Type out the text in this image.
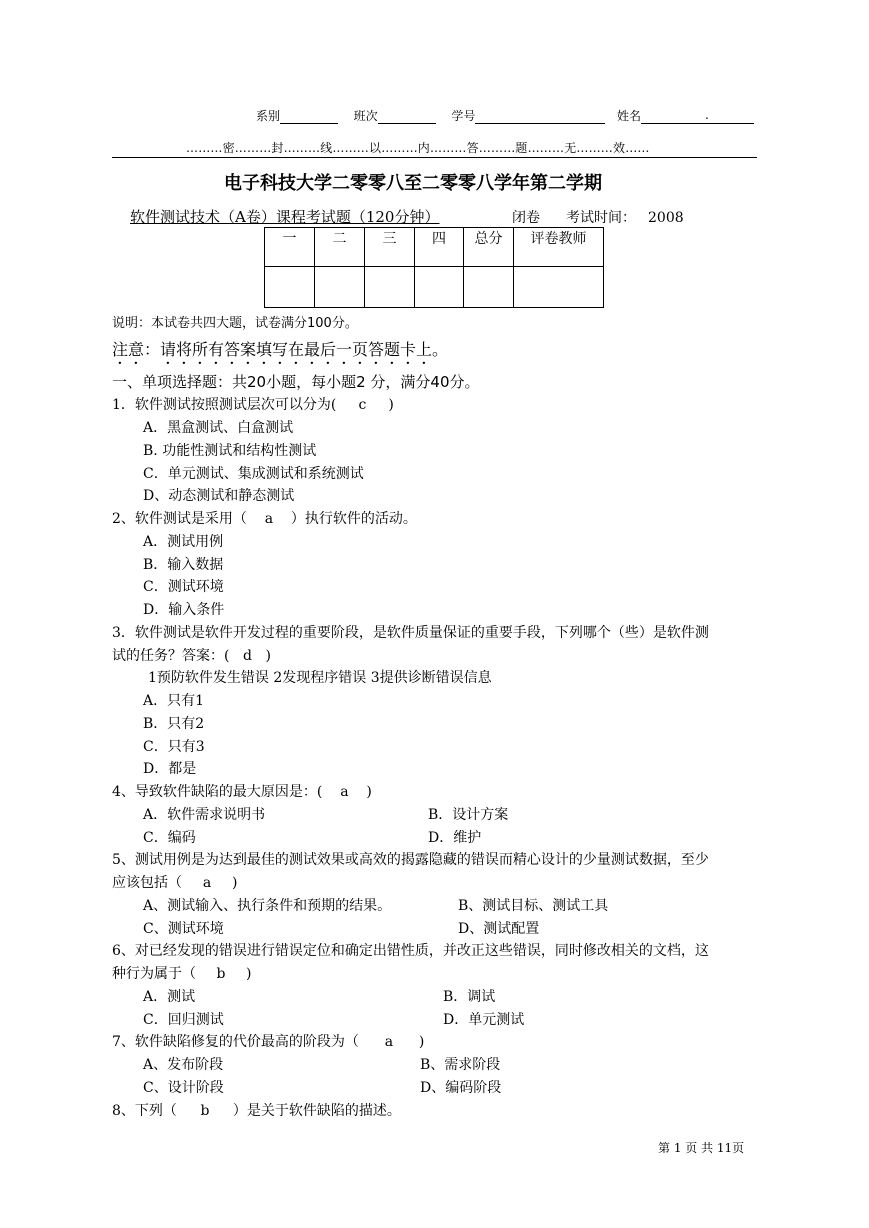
系别	班次	学号	姓名	.
………密………封………线………以………内………答………题………无………效……
电子科技大学二零零八至二零零八学年第二学期
软件测试技术（A卷）课程考试题（120分钟）	闭卷 考试时间： 2008
一	二	三	四	总分	评卷教师

说明：本试卷共四大题，试卷满分100分。
注意：请将所有答案填写在最后一页答题卡上。
一、单项选择题：共20小题，每小题2 分，满分40分。
1．软件测试按照测试层次可以分为( c )
A．黑盒测试、白盒测试
B. 功能性测试和结构性测试
C．单元测试、集成测试和系统测试
D、动态测试和静态测试
2、软件测试是采用（ a ）执行软件的活动。
A．测试用例
B．输入数据
C．测试环境
D．输入条件
3．软件测试是软件开发过程的重要阶段，是软件质量保证的重要手段，下列哪个（些）是软件测
试的任务？答案：( d )
1预防软件发生错误 2发现程序错误 3提供诊断错误信息
A．只有1
B．只有2
C．只有3
D．都是
4、导致软件缺陷的最大原因是：( a )
A．软件需求说明书	B．设计方案
C．编码	D．维护
5、测试用例是为达到最佳的测试效果或高效的揭露隐藏的错误而精心设计的少量测试数据，至少
应该包括（ a )
A、测试输入、执行条件和预期的结果。	B、测试目标、测试工具
C、测试环境	D、测试配置
6、对已经发现的错误进行错误定位和确定出错性质，并改正这些错误，同时修改相关的文档，这
种行为属于（ b )
A．测试	B．调试
C．回归测试	D．单元测试
7、软件缺陷修复的代价最高的阶段为（ a )
A、发布阶段	B、需求阶段
C、设计阶段	D、编码阶段
8、下列（ b ）是关于软件缺陷的描述。
第 1 页 共 11页
